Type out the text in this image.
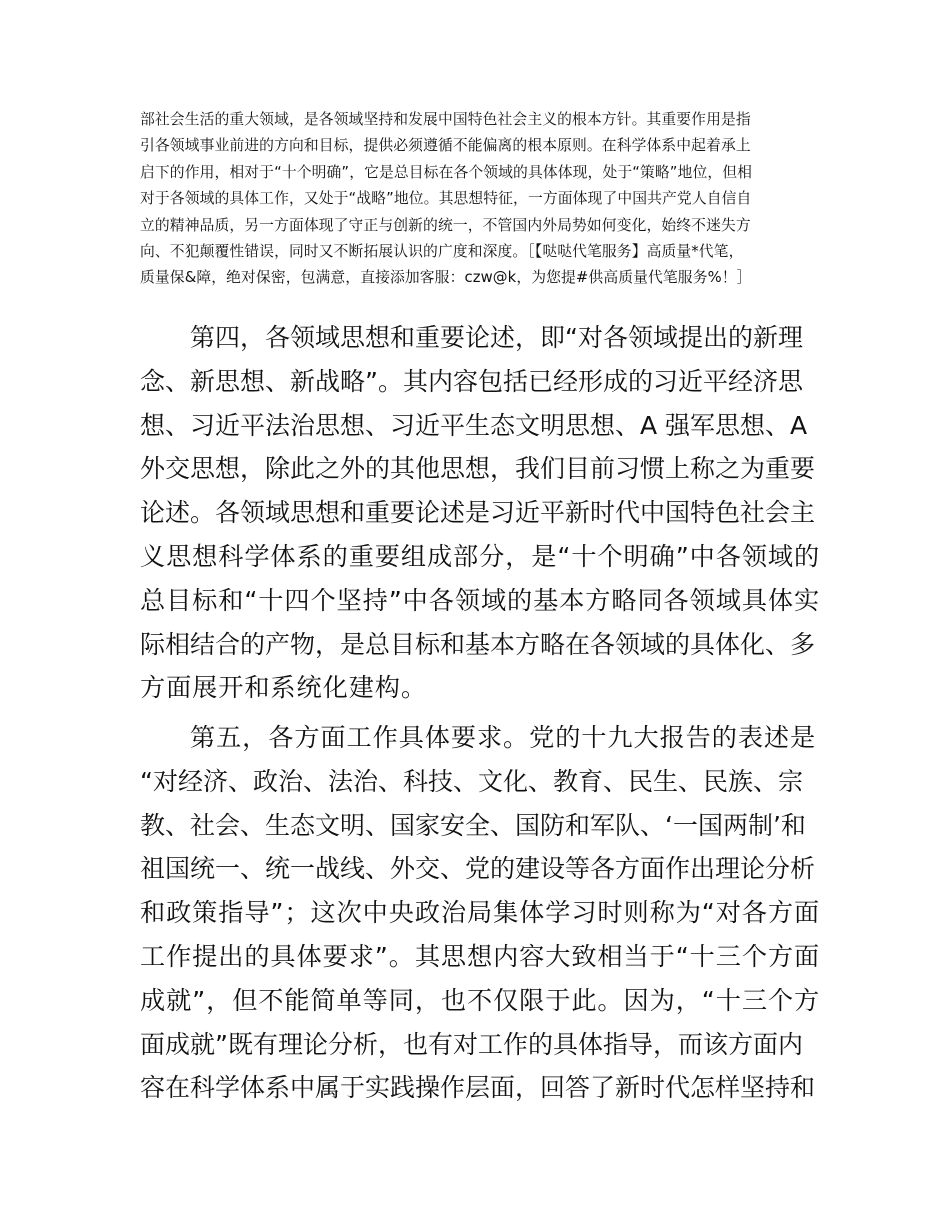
部社会生活的重大领域，是各领域坚持和发展中国特色社会主义的根本方针。其重要作用是指
引各领域事业前进的方向和目标，提供必须遵循不能偏离的根本原则。在科学体系中起着承上
启下的作用，相对于“十个明确”，它是总目标在各个领域的具体体现，处于“策略”地位，但相
对于各领域的具体工作，又处于“战略”地位。其思想特征，一方面体现了中国共产党人自信自
立的精神品质，另一方面体现了守正与创新的统一，不管国内外局势如何变化，始终不迷失方
向、不犯颠覆性错误，同时又不断拓展认识的广度和深度。［【哒哒代笔服务】高质量*代笔，
质量保&障，绝对保密，包满意，直接添加客服：czw@k，为您提#供高质量代笔服务%！］
第四，各领域思想和重要论述，即“对各领域提出的新理
念、新思想、新战略”。其内容包括已经形成的习近平经济思
想、习近平法治思想、习近平生态文明思想、A 强军思想、A
外交思想，除此之外的其他思想，我们目前习惯上称之为重要
论述。各领域思想和重要论述是习近平新时代中国特色社会主
义思想科学体系的重要组成部分，是“十个明确”中各领域的
总目标和“十四个坚持”中各领域的基本方略同各领域具体实
际相结合的产物，是总目标和基本方略在各领域的具体化、多
方面展开和系统化建构。
第五，各方面工作具体要求。党的十九大报告的表述是
“对经济、政治、法治、科技、文化、教育、民生、民族、宗
教、社会、生态文明、国家安全、国防和军队、‘一国两制’和
祖国统一、统一战线、外交、党的建设等各方面作出理论分析
和政策指导”；这次中央政治局集体学习时则称为“对各方面
工作提出的具体要求”。其思想内容大致相当于“十三个方面
成就”，但不能简单等同，也不仅限于此。因为，“十三个方
面成就”既有理论分析，也有对工作的具体指导，而该方面内
容在科学体系中属于实践操作层面，回答了新时代怎样坚持和
